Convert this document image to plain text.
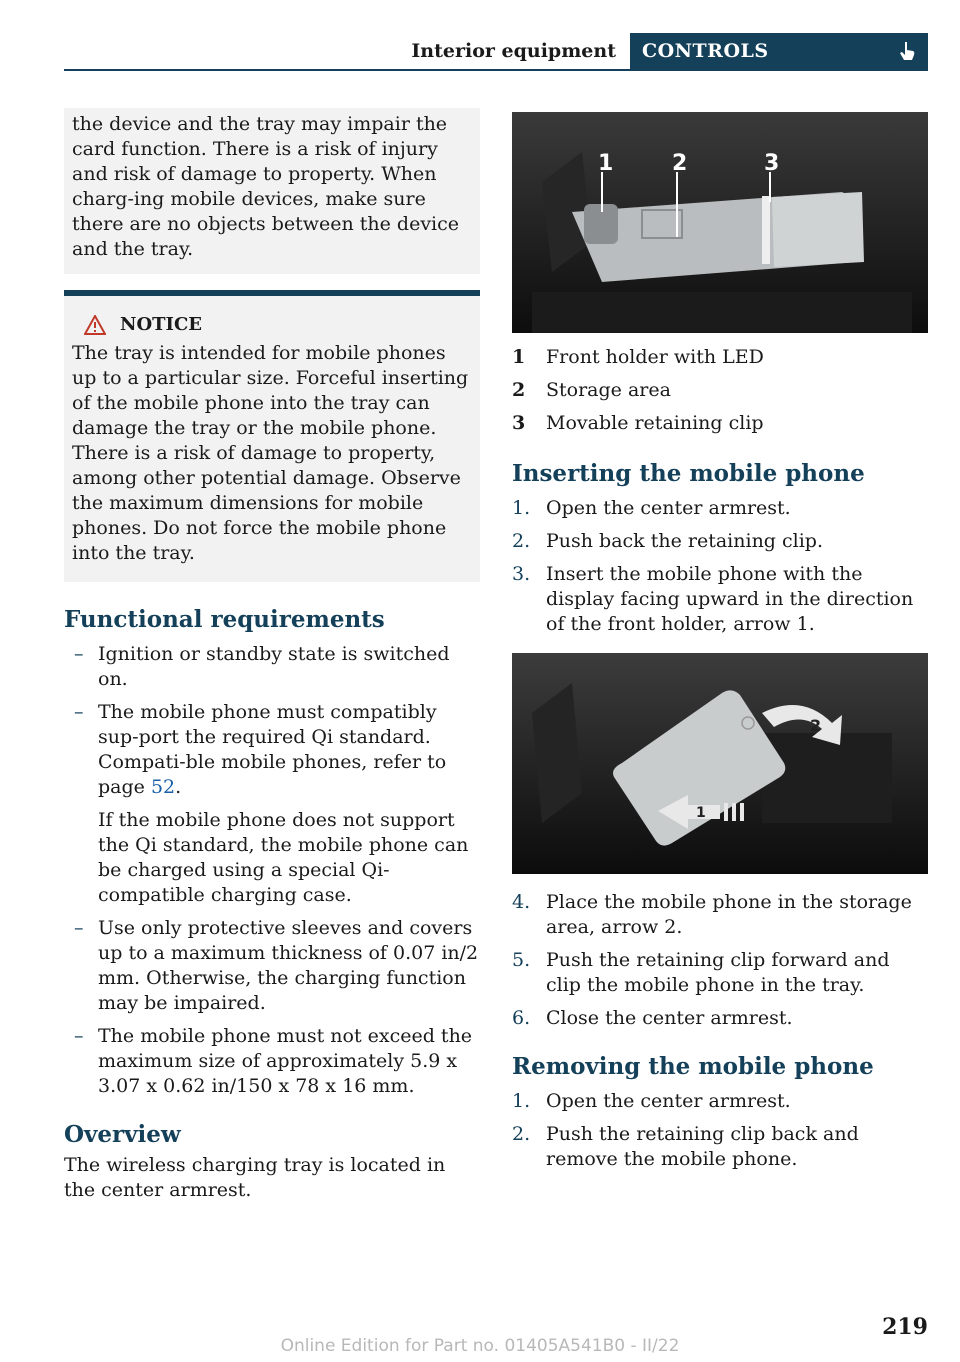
Interior equipment CONTROLS

the device and the tray may impair the card function. There is a risk of injury and risk of damage to property. When charg‐ing mobile devices, make sure there are no objects between the device and the tray.

NOTICE

The tray is intended for mobile phones up to a particular size. Forceful inserting of the mobile phone into the tray can damage the tray or the mobile phone. There is a risk of damage to property, among other potential damage. Observe the maximum dimensions for mobile phones. Do not force the mobile phone into the tray.

Functional requirements
– Ignition or standby state is switched on.
– The mobile phone must compatibly sup‐port the required Qi standard. Compati‐ble mobile phones, refer to page 52.
If the mobile phone does not support the Qi standard, the mobile phone can be charged using a special Qi-compatible charging case.
– Use only protective sleeves and covers up to a maximum thickness of 0.07 in/2 mm. Otherwise, the charging function may be impaired.
– The mobile phone must not exceed the maximum size of approximately 5.9 x 3.07 x 0.62 in/150 x 78 x 16 mm.
Overview

The wireless charging tray is located in the center armrest.

1	2	3
1	Front holder with LED
2	Storage area
3	Movable retaining clip
Inserting the mobile phone
1. Open the center armrest.
2. Push back the retaining clip.
3. Insert the mobile phone with the display facing upward in the direction of the front holder, arrow 1.
2
1
4. Place the mobile phone in the storage area, arrow 2.
5. Push the retaining clip forward and clip the mobile phone in the tray.
6. Close the center armrest.
Removing the mobile phone
1. Open the center armrest.
2. Push the retaining clip back and remove the mobile phone.
219
Online Edition for Part no. 01405A541B0 - II/22
